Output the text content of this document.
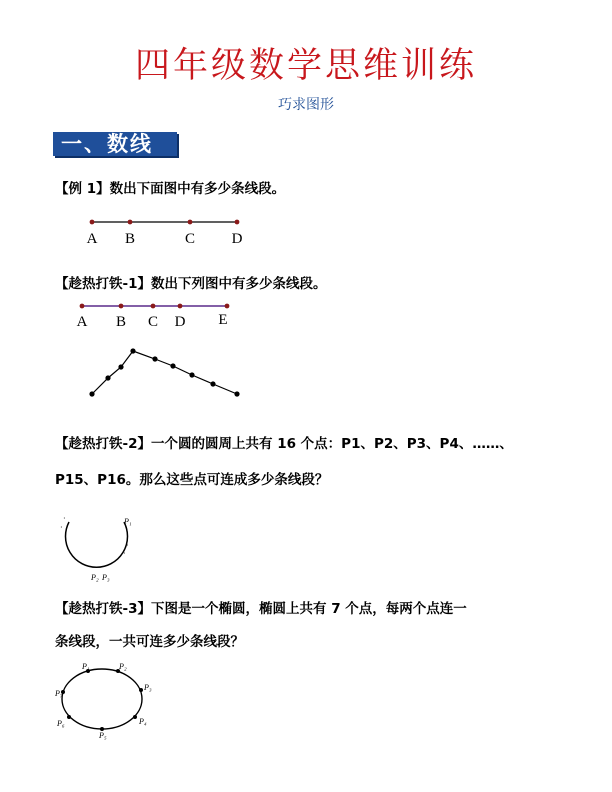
四年级数学思维训练
巧求图形
一、数线
【例 1】数出下面图中有多少条线段。
A B	C D
【趁热打铁-1】数出下列图中有多少条线段。
A B C D E
【趁热打铁-2】一个圆的圆周上共有 16 个点：P1、P2、P3、P4、……、
P15、P16。那么这些点可连成多少条线段？
·
·
·
·
P₁
P₂ P₃
【趁热打铁-3】下图是一个椭圆，椭圆上共有 7 个点，每两个点连一
条线段，一共可连多少条线段？
P₁	P₂
P₃
P₄
P₅
P₆
P₇
